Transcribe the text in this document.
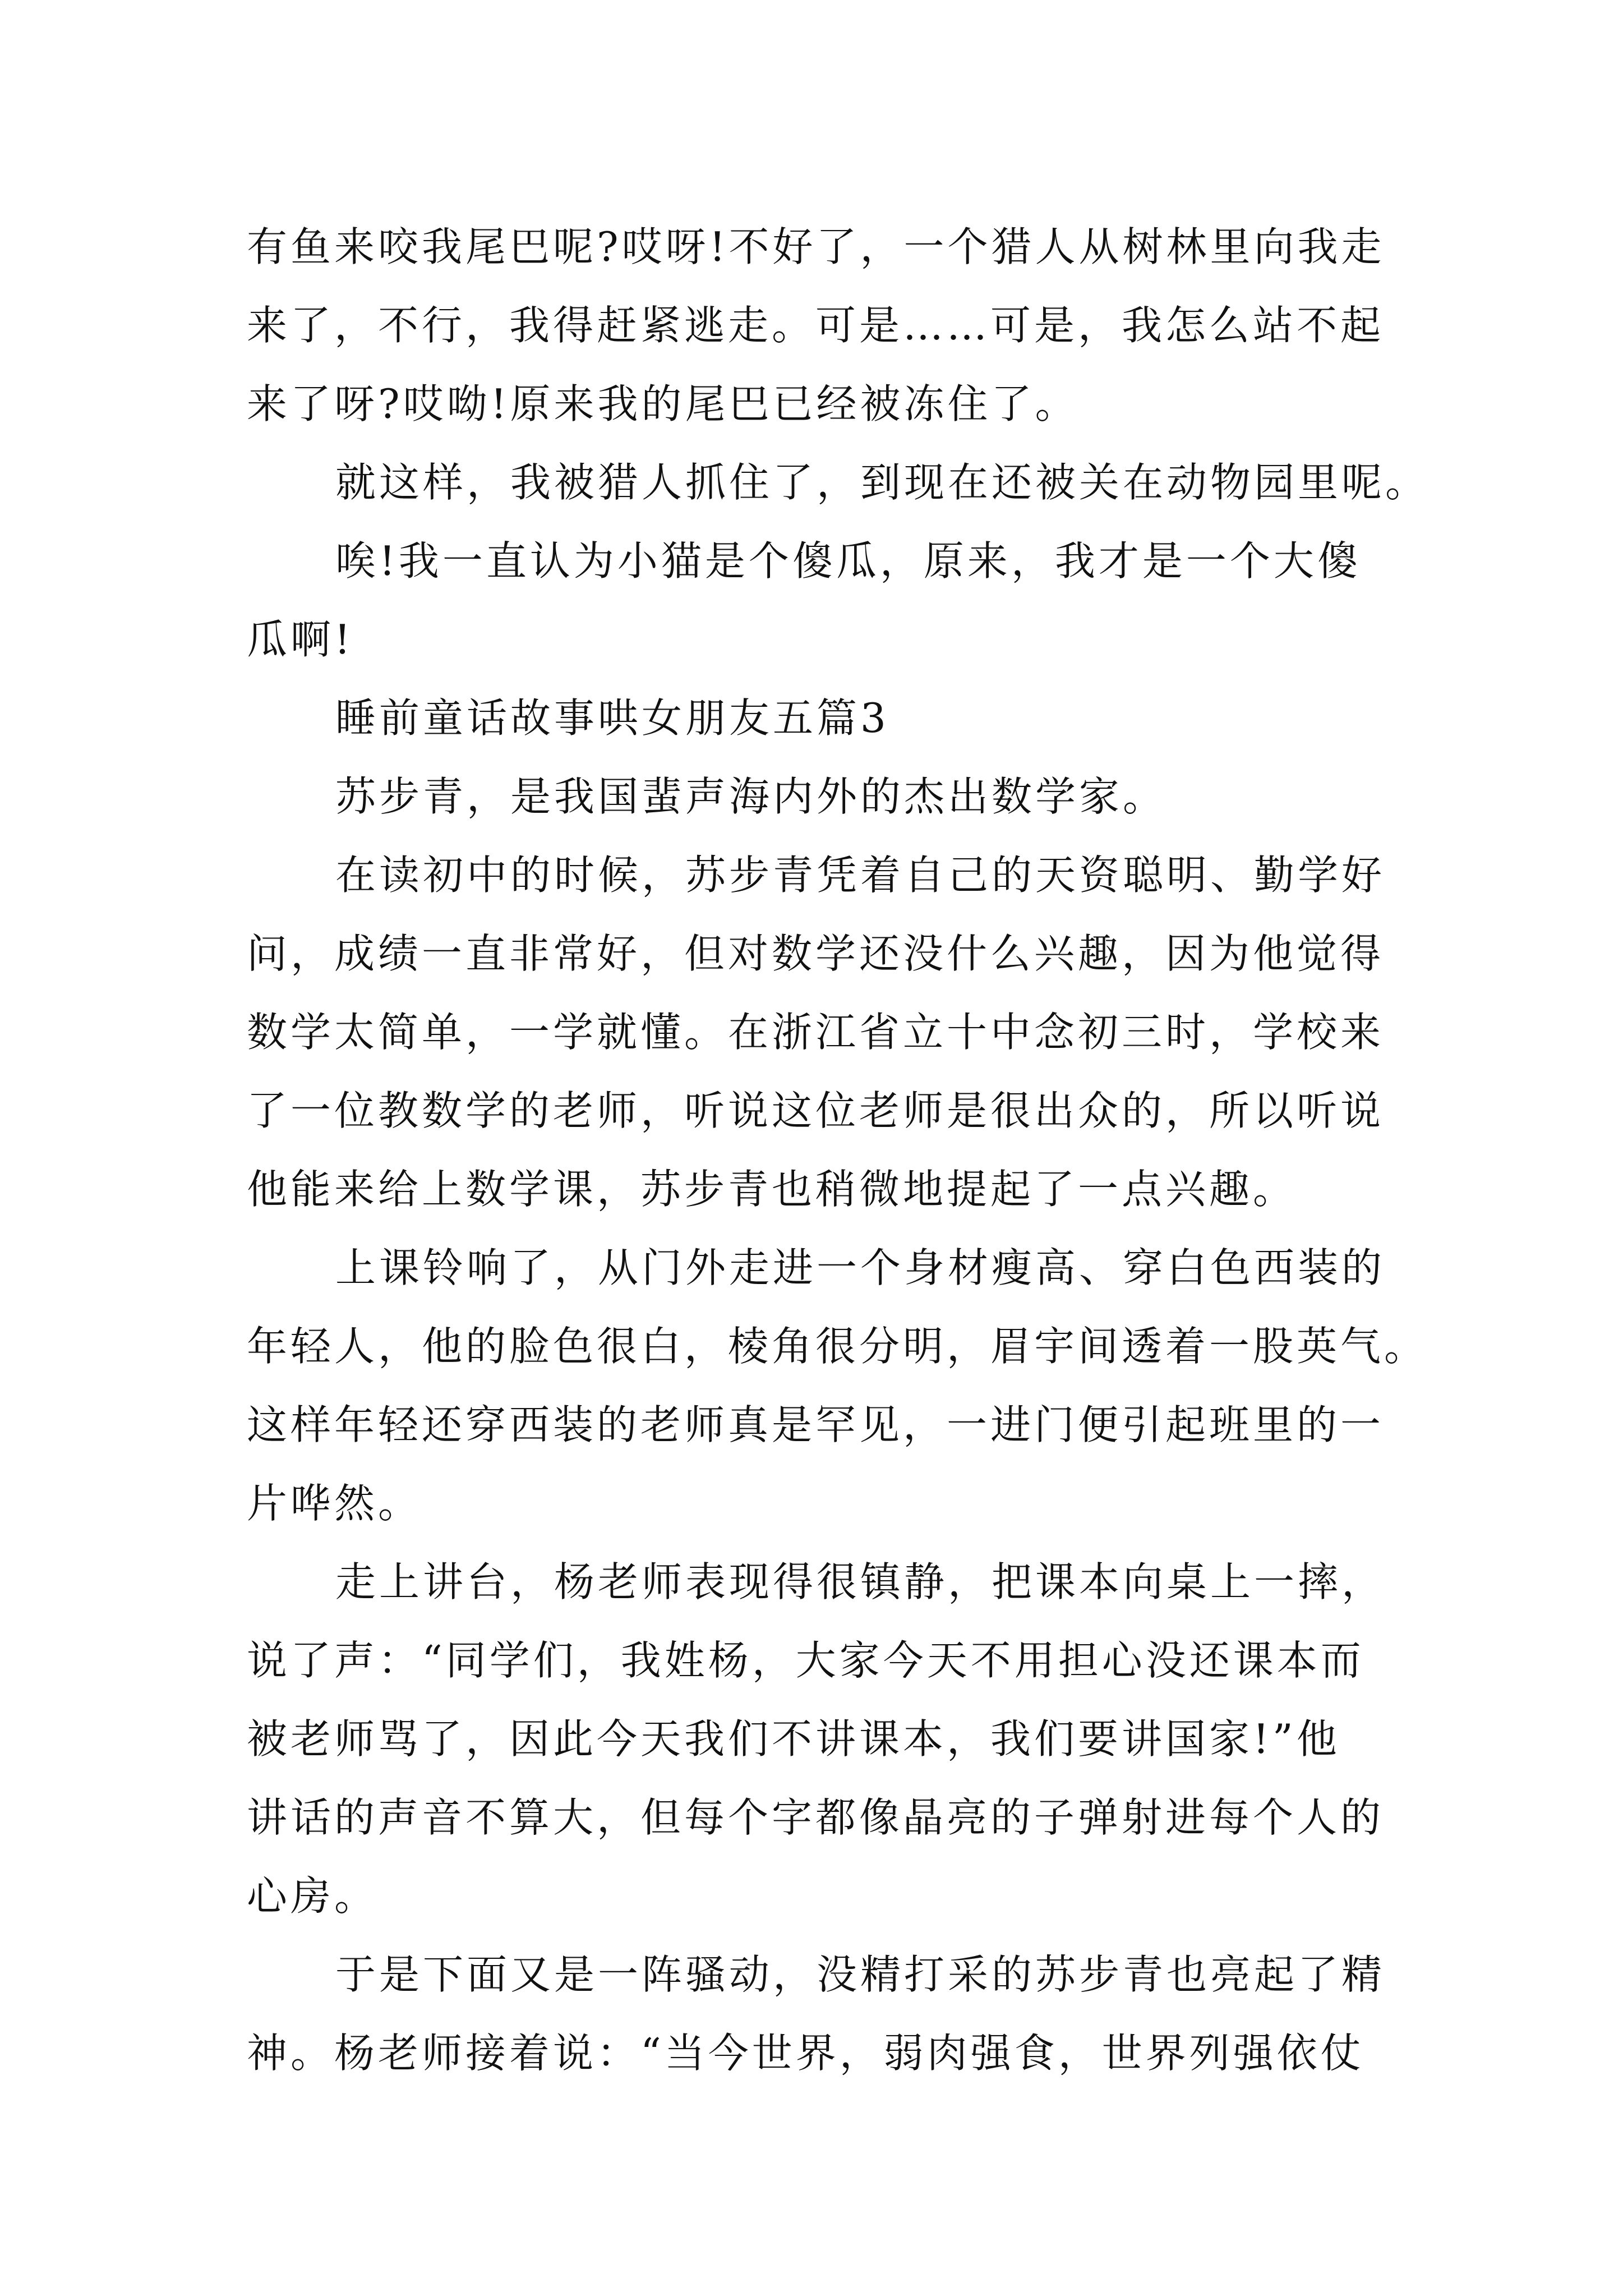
有鱼来咬我尾巴呢?哎呀!不好了，一个猎人从树林里向我走
来了，不行，我得赶紧逃走。可是……可是，我怎么站不起
来了呀?哎呦!原来我的尾巴已经被冻住了。
就这样，我被猎人抓住了，到现在还被关在动物园里呢。
唉!我一直认为小猫是个傻瓜，原来，我才是一个大傻
瓜啊!
睡前童话故事哄女朋友五篇3
苏步青，是我国蜚声海内外的杰出数学家。
在读初中的时候，苏步青凭着自己的天资聪明、勤学好
问，成绩一直非常好，但对数学还没什么兴趣，因为他觉得
数学太简单，一学就懂。在浙江省立十中念初三时，学校来
了一位教数学的老师，听说这位老师是很出众的，所以听说
他能来给上数学课，苏步青也稍微地提起了一点兴趣。
上课铃响了，从门外走进一个身材瘦高、穿白色西装的
年轻人，他的脸色很白，棱角很分明，眉宇间透着一股英气。
这样年轻还穿西装的老师真是罕见，一进门便引起班里的一
片哗然。
走上讲台，杨老师表现得很镇静，把课本向桌上一摔，
说了声：“同学们，我姓杨，大家今天不用担心没还课本而
被老师骂了，因此今天我们不讲课本，我们要讲国家!”他
讲话的声音不算大，但每个字都像晶亮的子弹射进每个人的
心房。
于是下面又是一阵骚动，没精打采的苏步青也亮起了精
神。杨老师接着说：“当今世界，弱肉强食，世界列强依仗
